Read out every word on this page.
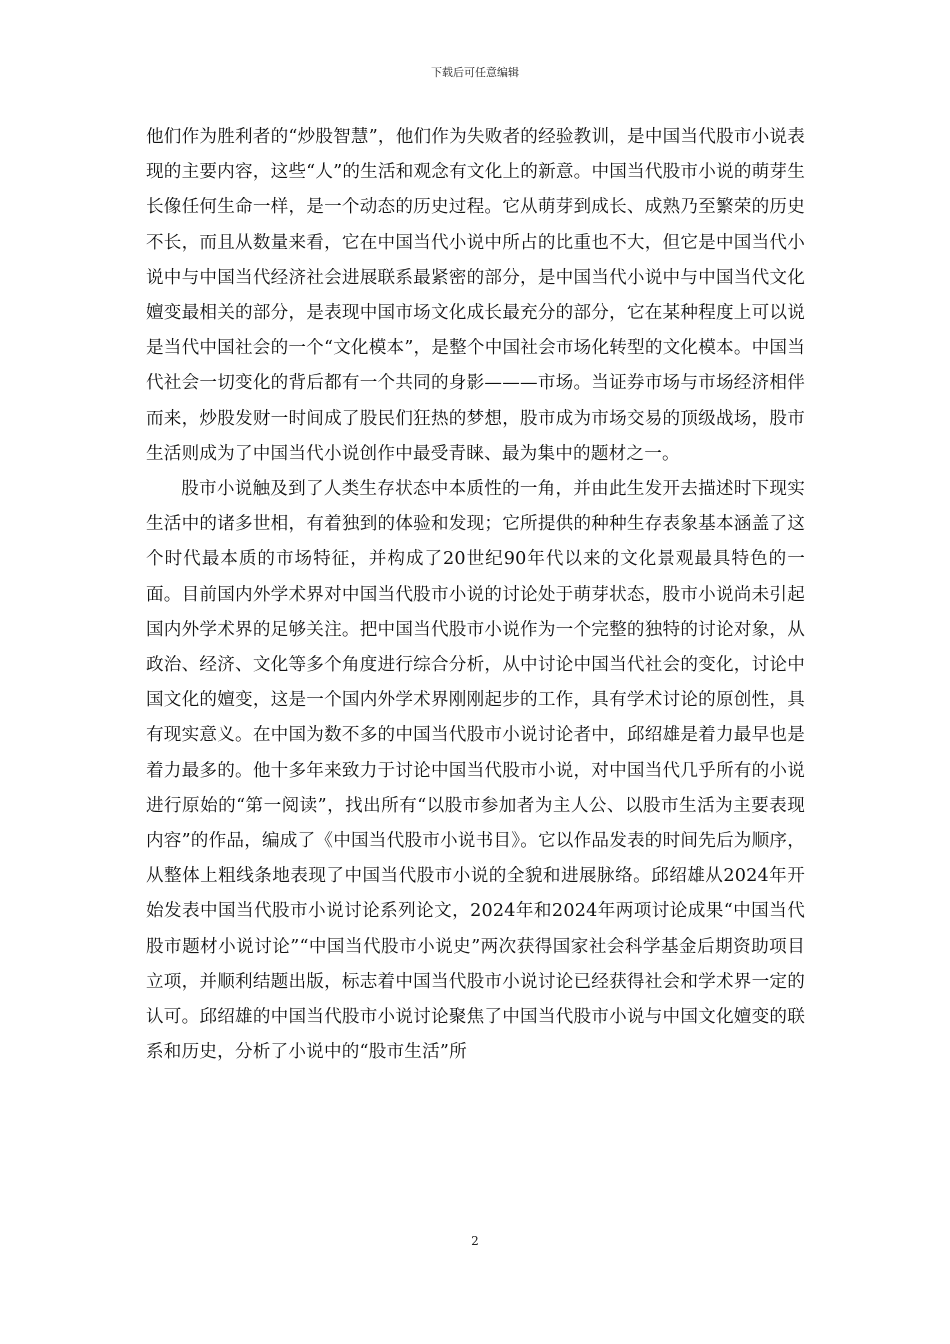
下载后可任意编辑

他们作为胜利者的“炒股智慧”，他们作为失败者的经验教训，是中国当代股市小说表现的主要内容，这些“人”的生活和观念有文化上的新意。中国当代股市小说的萌芽生长像任何生命一样，是一个动态的历史过程。它从萌芽到成长、成熟乃至繁荣的历史不长，而且从数量来看，它在中国当代小说中所占的比重也不大，但它是中国当代小说中与中国当代经济社会进展联系最紧密的部分，是中国当代小说中与中国当代文化嬗变最相关的部分，是表现中国市场文化成长最充分的部分，它在某种程度上可以说是当代中国社会的一个“文化模本”，是整个中国社会市场化转型的文化模本。中国当代社会一切变化的背后都有一个共同的身影———市场。当证券市场与市场经济相伴而来，炒股发财一时间成了股民们狂热的梦想，股市成为市场交易的顶级战场，股市生活则成为了中国当代小说创作中最受青睐、最为集中的题材之一。

股市小说触及到了人类生存状态中本质性的一角，并由此生发开去描述时下现实生活中的诸多世相，有着独到的体验和发现；它所提供的种种生存表象基本涵盖了这个时代最本质的市场特征，并构成了20世纪90年代以来的文化景观最具特色的一面。目前国内外学术界对中国当代股市小说的讨论处于萌芽状态，股市小说尚未引起国内外学术界的足够关注。把中国当代股市小说作为一个完整的独特的讨论对象，从政治、经济、文化等多个角度进行综合分析，从中讨论中国当代社会的变化，讨论中国文化的嬗变，这是一个国内外学术界刚刚起步的工作，具有学术讨论的原创性，具有现实意义。在中国为数不多的中国当代股市小说讨论者中，邱绍雄是着力最早也是着力最多的。他十多年来致力于讨论中国当代股市小说，对中国当代几乎所有的小说进行原始的“第一阅读”，找出所有“以股市参加者为主人公、以股市生活为主要表现内容”的作品，编成了《中国当代股市小说书目》。它以作品发表的时间先后为顺序，从整体上粗线条地表现了中国当代股市小说的全貌和进展脉络。邱绍雄从2024年开始发表中国当代股市小说讨论系列论文，2024年和2024年两项讨论成果“中国当代股市题材小说讨论”“中国当代股市小说史”两次获得国家社会科学基金后期资助项目立项，并顺利结题出版，标志着中国当代股市小说讨论已经获得社会和学术界一定的认可。邱绍雄的中国当代股市小说讨论聚焦了中国当代股市小说与中国文化嬗变的联系和历史，分析了小说中的“股市生活”所

2
